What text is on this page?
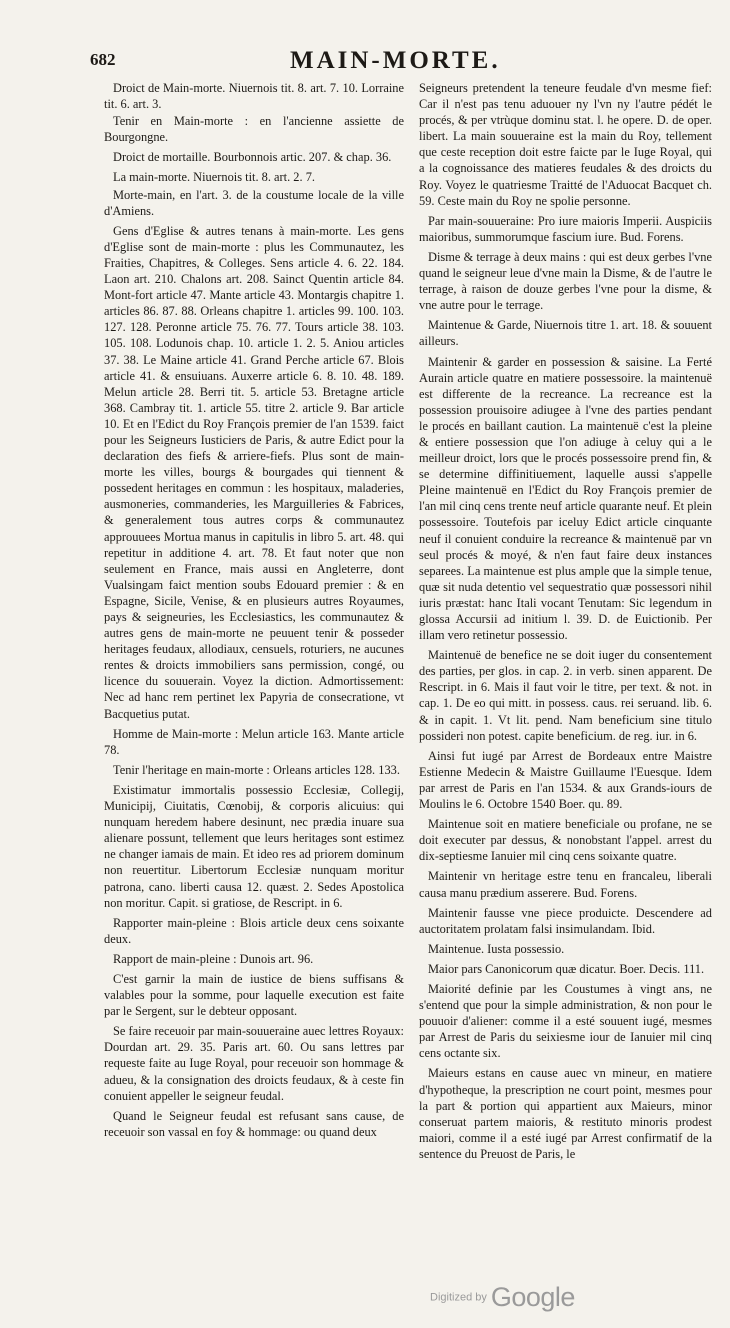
682	MAIN-MORTE.

Droict de Main-morte. Niuernois tit. 8. art. 7. 10. Lorraine tit. 6. art. 3.

Tenir en Main-morte : en l'ancienne assiette de Bourgongne.

Droict de mortaille. Bourbonnois artic. 207. & chap. 36.

La main-morte. Niuernois tit. 8. art. 2. 7.

Morte-main, en l'art. 3. de la coustume locale de la ville d'Amiens.

Gens d'Eglise & autres tenans à main-morte. Les gens d'Eglise sont de main-morte : plus les Communautez, les Fraities, Chapitres, & Colleges. Sens article 4. 6. 22. 184. Laon art. 210. Chalons art. 208. Sainct Quentin article 84. Mont-fort article 47. Mante article 43. Montargis chapitre 1. articles 86. 87. 88. Orleans chapitre 1. articles 99. 100. 103. 127. 128. Peronne article 75. 76. 77. Tours article 38. 103. 105. 108. Lodunois chap. 10. article 1. 2. 5. Aniou articles 37. 38. Le Maine article 41. Grand Perche article 67. Blois article 41. & ensuiuans. Auxerre article 6. 8. 10. 48. 189. Melun article 28. Berri tit. 5. article 53. Bretagne article 368. Cambray tit. 1. article 55. titre 2. article 9. Bar article 10. Et en l'Edict du Roy François premier de l'an 1539. faict pour les Seigneurs Iusticiers de Paris, & autre Edict pour la declaration des fiefs & arriere-fiefs. Plus sont de main-morte les villes, bourgs & bourgades qui tiennent & possedent heritages en commun : les hospitaux, maladeries, ausmoneries, commanderies, les Marguilleries & Fabrices, & generalement tous autres corps & communautez approuuees Mortua manus in capitulis in libro 5. art. 48. qui repetitur in additione 4. art. 78. Et faut noter que non seulement en France, mais aussi en Angleterre, dont Vualsingam faict mention soubs Edouard premier : & en Espagne, Sicile, Venise, & en plusieurs autres Royaumes, pays & seigneuries, les Ecclesiastics, les communautez & autres gens de main-morte ne peuuent tenir & posseder heritages feudaux, allodiaux, censuels, roturiers, ne aucunes rentes & droicts immobiliers sans permission, congé, ou licence du souuerain. Voyez la diction. Admortissement: Nec ad hanc rem pertinet lex Papyria de consecratione, vt Bacquetius putat.

Homme de Main-morte : Melun article 163. Mante article 78.

Tenir l'heritage en main-morte : Orleans articles 128. 133.

Existimatur immortalis possessio Ecclesiæ, Collegij, Municipij, Ciuitatis, Cœnobij, & corporis alicuius: qui nunquam heredem habere desinunt, nec prædia inuare sua alienare possunt, tellement que leurs heritages sont estimez ne changer iamais de main. Et ideo res ad priorem dominum non reuertitur. Libertorum Ecclesiæ nunquam moritur patrona, cano. liberti causa 12. quæst. 2. Sedes Apostolica non moritur. Capit. si gratiose, de Rescript. in 6.

Rapporter main-pleine : Blois article deux cens soixante deux.

Rapport de main-pleine : Dunois art. 96.

C'est garnir la main de iustice de biens suffisans & valables pour la somme, pour laquelle execution est faite par le Sergent, sur le debteur opposant.

Se faire receuoir par main-souueraine auec lettres Royaux: Dourdan art. 29. 35. Paris art. 60. Ou sans lettres par requeste faite au Iuge Royal, pour receuoir son hommage & adueu, & la consignation des droicts feudaux, & à ceste fin conuient appeller le seigneur feudal.

Quand le Seigneur feudal est refusant sans cause, de receuoir son vassal en foy & hommage: ou quand deux

Seigneurs pretendent la teneure feudale d'vn mesme fief: Car il n'est pas tenu aduouer ny l'vn ny l'autre pédét le procés, & per vtrùque dominu stat. l. he opere. D. de oper. libert. La main souueraine est la main du Roy, tellement que ceste reception doit estre faicte par le Iuge Royal, qui a la cognoissance des matieres feudales & des droicts du Roy. Voyez le quatriesme Traitté de l'Aduocat Bacquet ch. 59. Ceste main du Roy ne spolie personne.

Par main-souueraine: Pro iure maioris Imperii. Auspiciis maioribus, summorumque fascium iure. Bud. Forens.

Disme & terrage à deux mains : qui est deux gerbes l'vne quand le seigneur leue d'vne main la Disme, & de l'autre le terrage, à raison de douze gerbes l'vne pour la disme, & vne autre pour le terrage.

Maintenue & Garde, Niuernois titre 1. art. 18. & souuent ailleurs.

Maintenir & garder en possession & saisine. La Ferté Aurain article quatre en matiere possessoire. la maintenuë est differente de la recreance. La recreance est la possession prouisoire adiugee à l'vne des parties pendant le procés en baillant caution. La maintenuë c'est la pleine & entiere possession que l'on adiuge à celuy qui a le meilleur droict, lors que le procés possessoire prend fin, & se determine diffinitiuement, laquelle aussi s'appelle Pleine maintenuë en l'Edict du Roy François premier de l'an mil cinq cens trente neuf article quarante neuf. Et plein possessoire. Toutefois par iceluy Edict article cinquante neuf il conuient conduire la recreance & maintenuë par vn seul procés & moyé, & n'en faut faire deux instances separees. La maintenue est plus ample que la simple tenue, quæ sit nuda detentio vel sequestratio quæ possessori nihil iuris præstat: hanc Itali vocant Tenutam: Sic legendum in glossa Accursii ad initium l. 39. D. de Euictionib. Per illam vero retinetur possessio.

Maintenuë de benefice ne se doit iuger du consentement des parties, per glos. in cap. 2. in verb. sinen apparent. De Rescript. in 6. Mais il faut voir le titre, per text. & not. in cap. 1. De eo qui mitt. in possess. caus. rei seruand. lib. 6. & in capit. 1. Vt lit. pend. Nam beneficium sine titulo possideri non potest. capite beneficium. de reg. iur. in 6.

Ainsi fut iugé par Arrest de Bordeaux entre Maistre Estienne Medecin & Maistre Guillaume l'Euesque. Idem par arrest de Paris en l'an 1534. & aux Grands-iours de Moulins le 6. Octobre 1540 Boer. qu. 89.

Maintenue soit en matiere beneficiale ou profane, ne se doit executer par dessus, & nonobstant l'appel. arrest du dix-septiesme Ianuier mil cinq cens soixante quatre.

Maintenir vn heritage estre tenu en francaleu, liberali causa manu prædium asserere. Bud. Forens.

Maintenir fausse vne piece produicte. Descendere ad auctoritatem prolatam falsi insimulandam. Ibid.

Maintenue. Iusta possessio.

Maior pars Canonicorum quæ dicatur. Boer. Decis. 111.

Maiorité definie par les Coustumes à vingt ans, ne s'entend que pour la simple administration, & non pour le pouuoir d'aliener: comme il a esté souuent iugé, mesmes par Arrest de Paris du seixiesme iour de Ianuier mil cinq cens octante six.

Maieurs estans en cause auec vn mineur, en matiere d'hypotheque, la prescription ne court point, mesmes pour la part & portion qui appartient aux Maieurs, minor conseruat partem maioris, & restituto minoris prodest maiori, comme il a esté iugé par Arrest confirmatif de la sentence du Preuost de Paris, le

Digitized by Google
